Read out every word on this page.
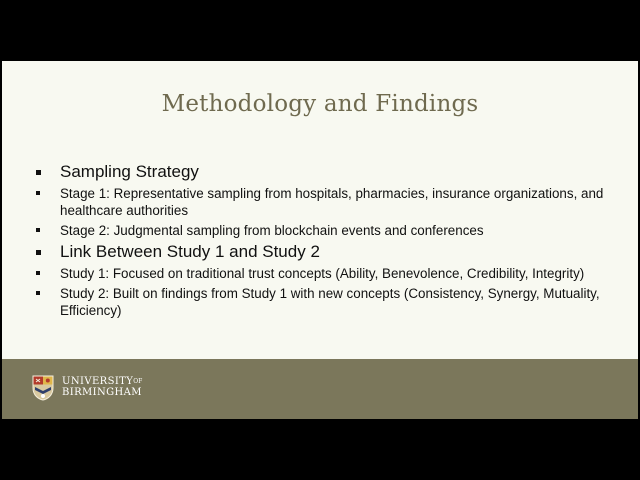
Methodology and Findings
Sampling Strategy
Stage 1: Representative sampling from hospitals, pharmacies, insurance organizations, and healthcare authorities
Stage 2: Judgmental sampling from blockchain events and conferences
Link Between Study 1 and Study 2
Study 1: Focused on traditional trust concepts (Ability, Benevolence, Credibility, Integrity)
Study 2: Built on findings from Study 1 with new concepts (Consistency, Synergy, Mutuality, Efficiency)
$UNIVERSITY^{OF}$
BIRMINGHAM
